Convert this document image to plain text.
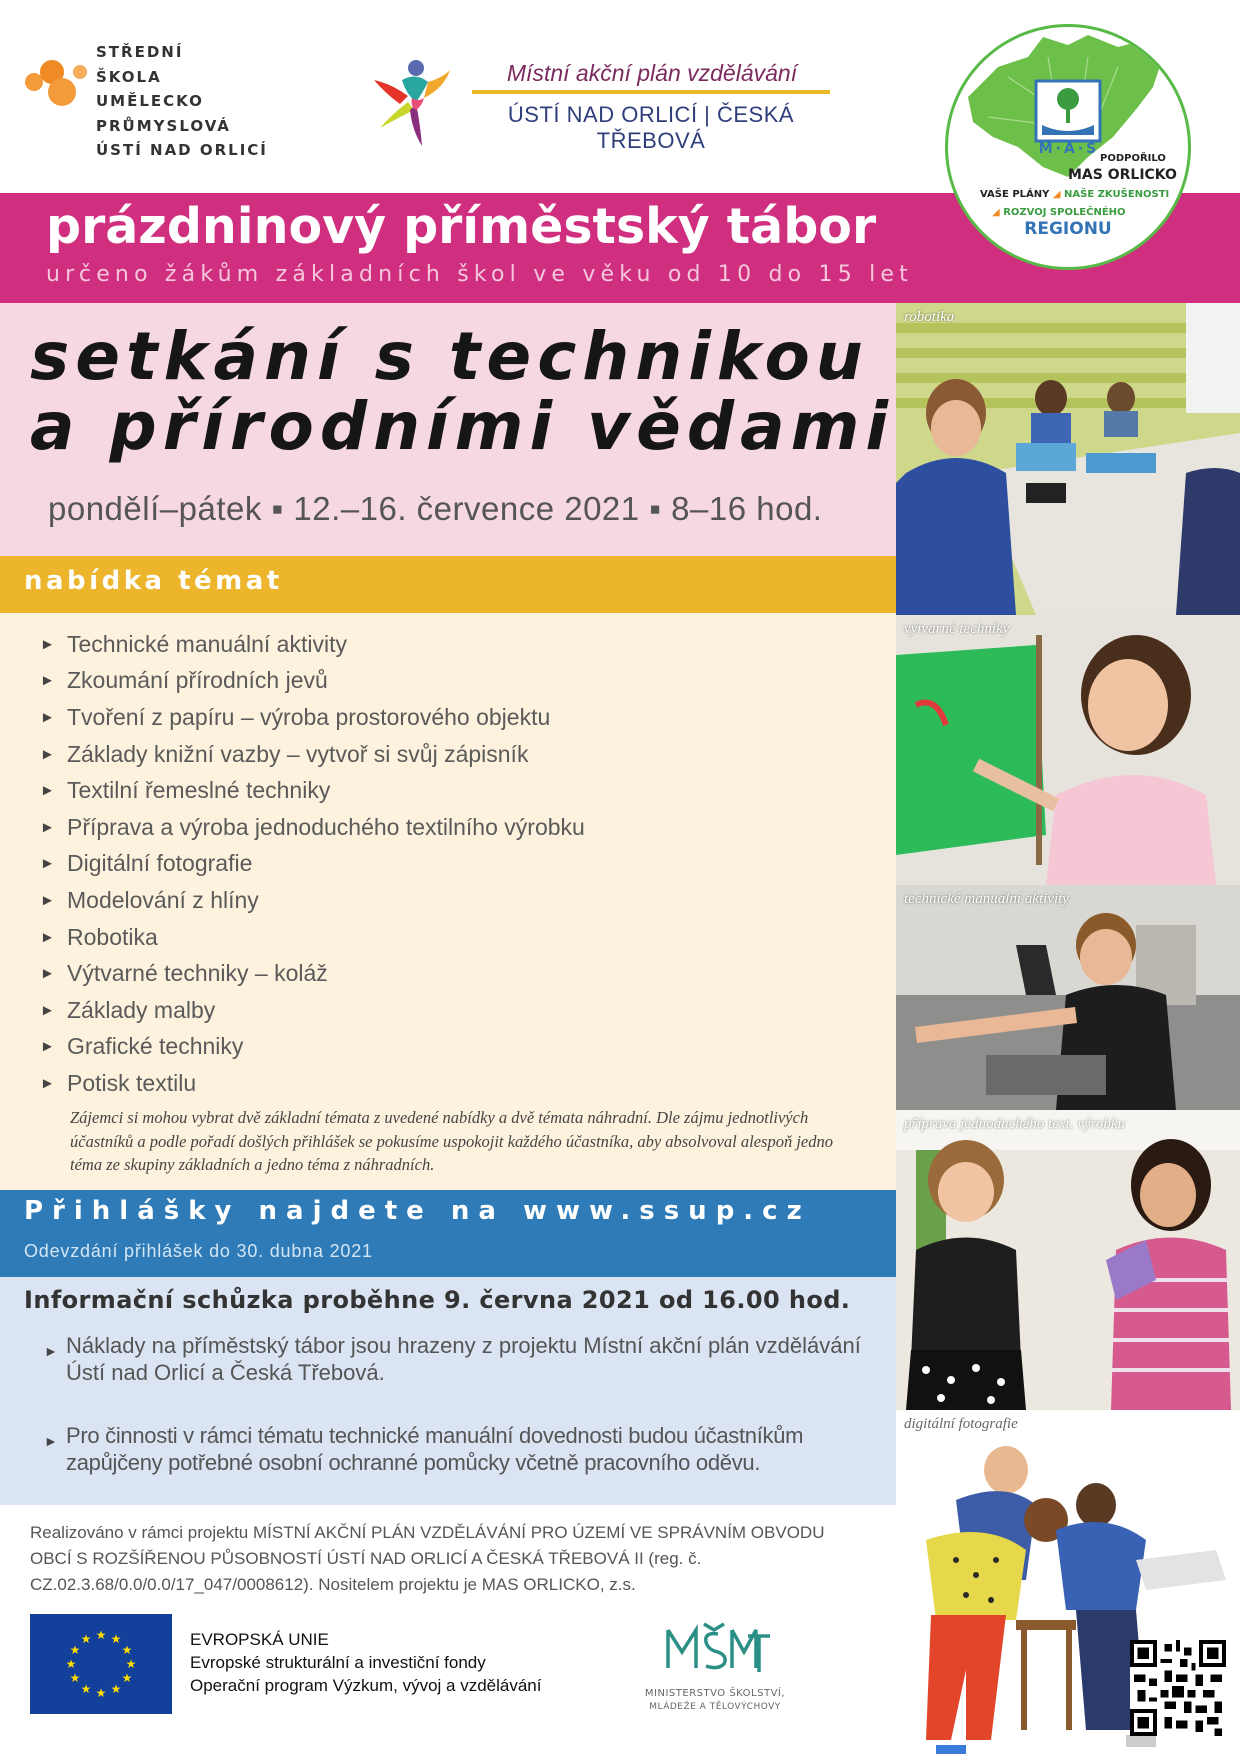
STŘEDNÍ
ŠKOLA
UMĚLECKO
PRŮMYSLOVÁ
ÚSTÍ NAD ORLICÍ
Místní akční plán vzdělávání
ÚSTÍ NAD ORLICÍ | ČESKÁ TŘEBOVÁ	M·A·S
PODPOŘILO
MAS ORLICKO
VAŠE PLÁNY ◢ NAŠE ZKUŠENOSTI
◢ ROZVOJ SPOLEČNÉHO
REGIONU
prázdninový příměstský tábor
určeno žákům základních škol ve věku od 10 do 15 let
setkání s technikou
a přírodními vědami
pondělí–pátek ▪ 12.–16. července 2021 ▪ 8–16 hod.
nabídka témat
► Technické manuální aktivity
► Zkoumání přírodních jevů
► Tvoření z papíru – výroba prostorového objektu
► Základy knižní vazby – vytvoř si svůj zápisník
► Textilní řemeslné techniky
► Příprava a výroba jednoduchého textilního výrobku
► Digitální fotografie
► Modelování z hlíny
► Robotika
► Výtvarné techniky – koláž
► Základy malby
► Grafické techniky
► Potisk textilu
Zájemci si mohou vybrat dvě základní témata z uvedené nabídky a dvě témata náhradní. Dle zájmu jednotlivých účastníků a podle pořadí došlých přihlášek se pokusíme uspokojit každého účastníka, aby absolvoval alespoň jedno téma ze skupiny základních a jedno téma z náhradních.
Přihlášky najdete na www.ssup.cz
Odevzdání přihlášek do 30. dubna 2021
Informační schůzka proběhne 9. června 2021 od 16.00 hod.
► Náklady na příměstský tábor jsou hrazeny z projektu Místní akční plán vzdělávání Ústí nad Orlicí a Česká Třebová.
► Pro činnosti v rámci tématu technické manuální dovednosti budou účastníkům zapůjčeny potřebné osobní ochranné pomůcky včetně pracovního oděvu.
Realizováno v rámci projektu MÍSTNÍ AKČNÍ PLÁN VZDĚLÁVÁNÍ PRO ÚZEMÍ VE SPRÁVNÍM OBVODU OBCÍ S ROZŠÍŘENOU PŮSOBNOSTÍ ÚSTÍ NAD ORLICÍ A ČESKÁ TŘEBOVÁ II (reg. č. CZ.02.3.68/0.0/0.0/17_047/0008612). Nositelem projektu je MAS ORLICKO, z.s.
★ ★
★
★
★
★
★
★
★
★
★
★	EVROPSKÁ UNIE
Evropské strukturální a investiční fondy
Operační program Výzkum, vývoj a vzdělávání	MINISTERSTVO ŠKOLSTVÍ,
MLÁDEŽE A TĚLOVÝCHOVY
robotika
výtvarné techniky
technické manuální aktivity
příprava jednoduchého text. výrobku
digitální fotografie
